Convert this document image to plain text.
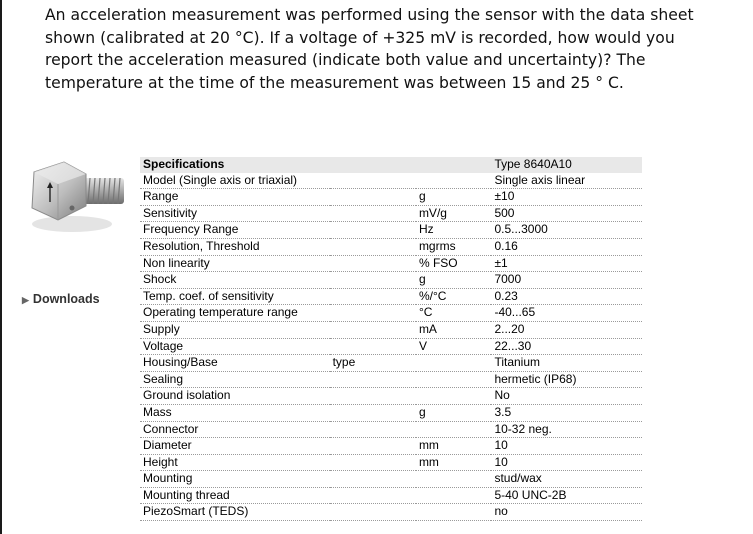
An acceleration measurement was performed using the sensor with the data sheet shown (calibrated at 20 °C). If a voltage of +325 mV is recorded, how would you report the acceleration measured (indicate both value and uncertainty)? The temperature at the time of the measurement was between 15 and 25 ° C.
▶ Downloads
Specifications			Type 8640A10
Model (Single axis or triaxial)			Single axis linear
Range		g	±10
Sensitivity		mV/g	500
Frequency Range		Hz	0.5...3000
Resolution, Threshold		mgrms	0.16
Non linearity		% FSO	±1
Shock		g	7000
Temp. coef. of sensitivity		%/°C	0.23
Operating temperature range		°C	-40...65
Supply		mA	2...20
Voltage		V	22...30
Housing/Base	type		Titanium
Sealing			hermetic (IP68)
Ground isolation			No
Mass		g	3.5
Connector			10-32 neg.
Diameter		mm	10
Height		mm	10
Mounting			stud/wax
Mounting thread			5-40 UNC-2B
PiezoSmart (TEDS)			no
